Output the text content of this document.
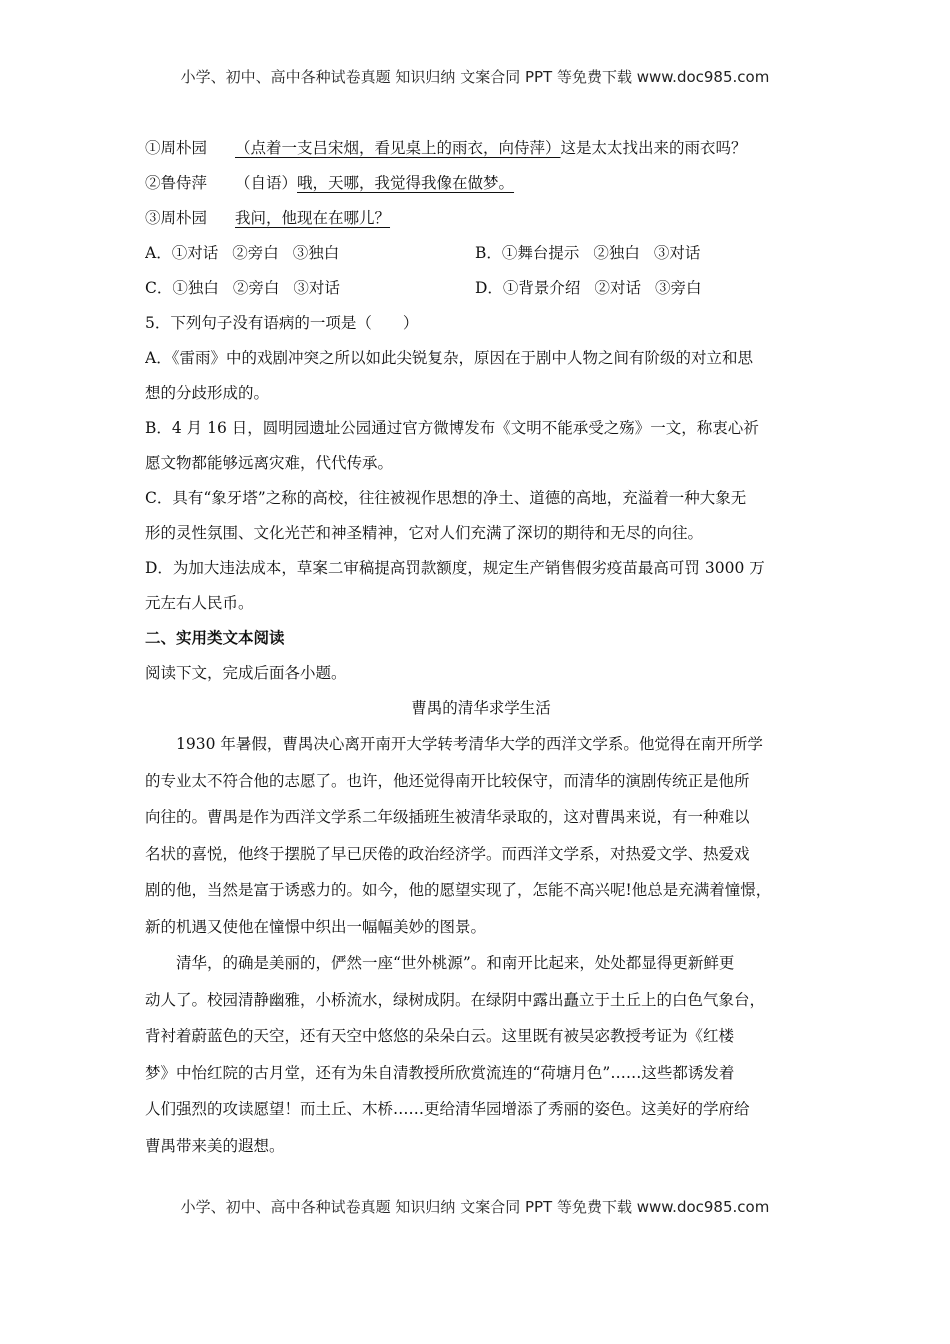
小学、初中、高中各种试卷真题 知识归纳 文案合同 PPT 等免费下载 www.doc985.com
①周朴园 （点着一支吕宋烟，看见桌上的雨衣，向侍萍）这是太太找出来的雨衣吗？
②鲁侍萍 （自语）哦，天哪，我觉得我像在做梦。
③周朴园 我问，他现在在哪儿？
A．①对话 ②旁白 ③独白	B．①舞台提示 ②独白 ③对话
C．①独白 ②旁白 ③对话	D．①背景介绍 ②对话 ③旁白
5．下列句子没有语病的一项是（　　）
A．《雷雨》中的戏剧冲突之所以如此尖锐复杂，原因在于剧中人物之间有阶级的对立和思
想的分歧形成的。
B．4 月 16 日，圆明园遗址公园通过官方微博发布《文明不能承受之殇》一文，称衷心祈
愿文物都能够远离灾难，代代传承。
C．具有“象牙塔”之称的高校，往往被视作思想的净土、道德的高地，充溢着一种大象无
形的灵性氛围、文化光芒和神圣精神，它对人们充满了深切的期待和无尽的向往。
D．为加大违法成本，草案二审稿提高罚款额度，规定生产销售假劣疫苗最高可罚 3000 万
元左右人民币。
二、实用类文本阅读
阅读下文，完成后面各小题。
曹禺的清华求学生活
1930 年暑假，曹禺决心离开南开大学转考清华大学的西洋文学系。他觉得在南开所学
的专业太不符合他的志愿了。也许，他还觉得南开比较保守，而清华的演剧传统正是他所
向往的。曹禺是作为西洋文学系二年级插班生被清华录取的，这对曹禺来说，有一种难以
名状的喜悦，他终于摆脱了早已厌倦的政治经济学。而西洋文学系，对热爱文学、热爱戏
剧的他，当然是富于诱惑力的。如今，他的愿望实现了，怎能不高兴呢!他总是充满着憧憬，
新的机遇又使他在憧憬中织出一幅幅美妙的图景。
清华，的确是美丽的，俨然一座“世外桃源”。和南开比起来，处处都显得更新鲜更
动人了。校园清静幽雅，小桥流水，绿树成阴。在绿阴中露出矗立于土丘上的白色气象台，
背衬着蔚蓝色的天空，还有天空中悠悠的朵朵白云。这里既有被吴宓教授考证为《红楼
梦》中怡红院的古月堂，还有为朱自清教授所欣赏流连的“荷塘月色”……这些都诱发着
人们强烈的攻读愿望！而土丘、木桥……更给清华园增添了秀丽的姿色。这美好的学府给
曹禺带来美的遐想。
小学、初中、高中各种试卷真题 知识归纳 文案合同 PPT 等免费下载 www.doc985.com
